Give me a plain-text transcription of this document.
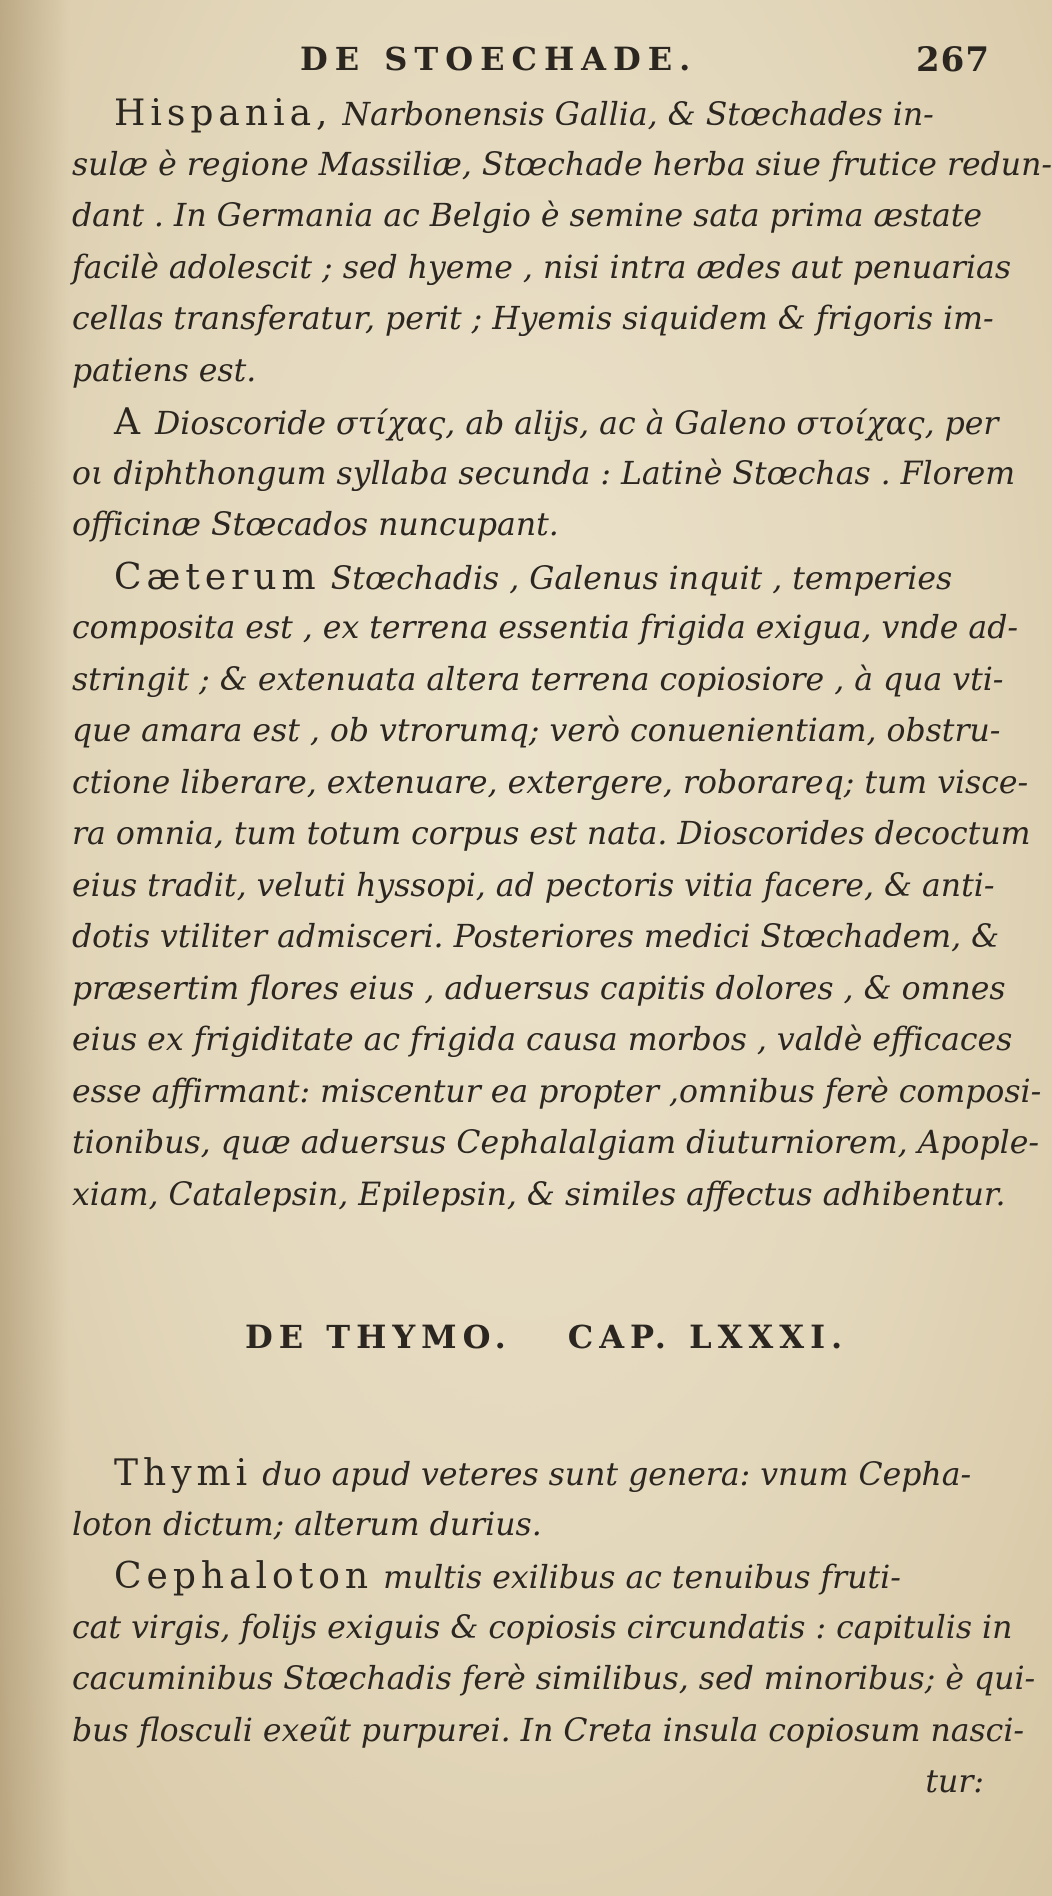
DE STOECHADE.	267
Hispania, Narbonensis Gallia, & Stœchades in-
sulæ è regione Massiliæ, Stœchade herba siue frutice redun-
dant . In Germania ac Belgio è semine sata prima æstate
facilè adolescit ; sed hyeme , nisi intra ædes aut penuarias
cellas transferatur, perit ; Hyemis siquidem & frigoris im-
patiens est.
A Dioscoride στίχας, ab alijs, ac à Galeno στοίχας, per
οι diphthongum syllaba secunda : Latinè Stœchas . Florem
officinæ Stœcados nuncupant.
Cæterum Stœchadis , Galenus inquit , temperies
composita est , ex terrena essentia frigida exigua, vnde ad-
stringit ; & extenuata altera terrena copiosiore , à qua vti-
que amara est , ob vtrorumq; verò conuenientiam, obstru-
ctione liberare, extenuare, extergere, roborareq; tum visce-
ra omnia, tum totum corpus est nata. Dioscorides decoctum
eius tradit, veluti hyssopi, ad pectoris vitia facere, & anti-
dotis vtiliter admisceri. Posteriores medici Stœchadem, &
præsertim flores eius , aduersus capitis dolores , & omnes
eius ex frigiditate ac frigida causa morbos , valdè efficaces
esse affirmant: miscentur ea propter ,omnibus ferè composi-
tionibus, quæ aduersus Cephalalgiam diuturniorem, Apople-
xiam, Catalepsin, Epilepsin, & similes affectus adhibentur.
DE THYMO. CAP. LXXXI.
Thymi duo apud veteres sunt genera: vnum Cepha-
loton dictum; alterum durius.
Cephaloton multis exilibus ac tenuibus fruti-
cat virgis, folijs exiguis & copiosis circundatis : capitulis in
cacuminibus Stœchadis ferè similibus, sed minoribus; è qui-
bus flosculi exeũt purpurei. In Creta insula copiosum nasci-
tur:
